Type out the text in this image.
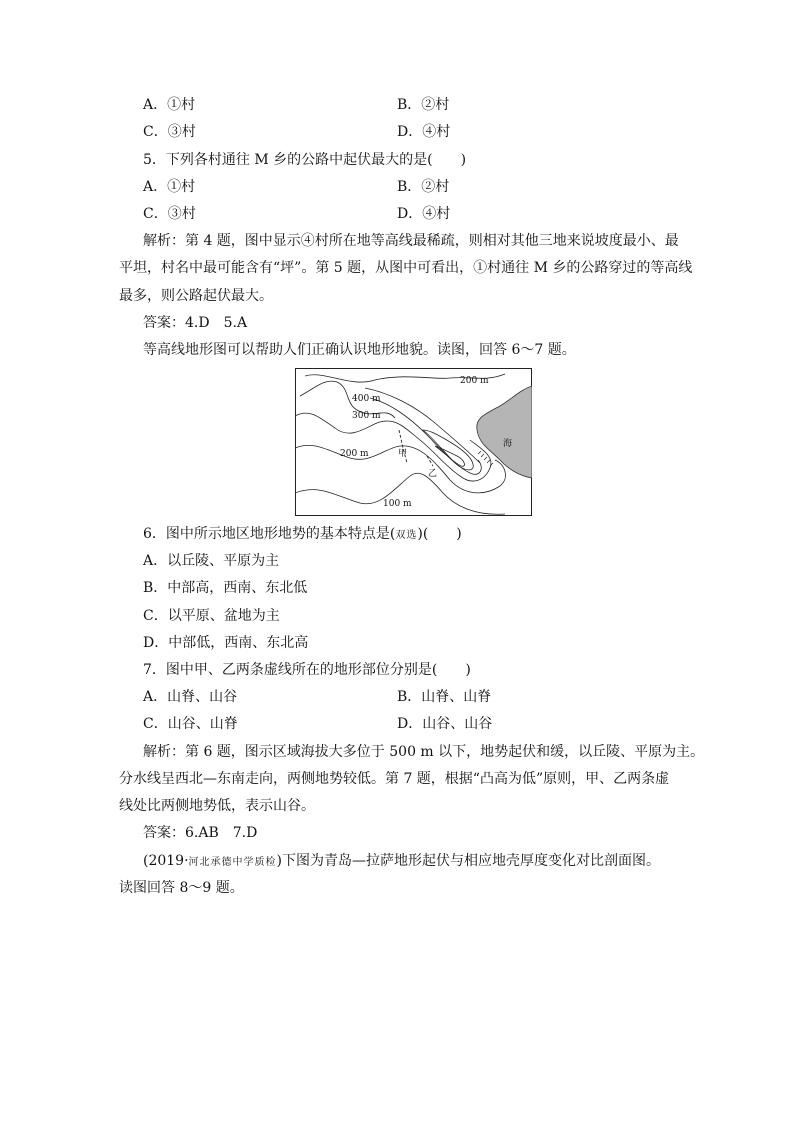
A．①村	B．②村
C．③村	D．④村
5．下列各村通往 M 乡的公路中起伏最大的是(　　)
A．①村	B．②村
C．③村	D．④村
解析：第 4 题，图中显示④村所在地等高线最稀疏，则相对其他三地来说坡度最小、最
平坦，村名中最可能含有“坪”。第 5 题，从图中可看出，①村通往 M 乡的公路穿过的等高线
最多，则公路起伏最大。
答案：4.D　5.A
等高线地形图可以帮助人们正确认识地形地貌。读图，回答 6～7 题。
400 m
300 m
200 m
200 m
100 m
甲
乙
海
6．图中所示地区地形地势的基本特点是(双选)(　　)
A．以丘陵、平原为主
B．中部高，西南、东北低
C．以平原、盆地为主
D．中部低，西南、东北高
7．图中甲、乙两条虚线所在的地形部位分别是(　　)
A．山脊、山谷	B．山脊、山脊
C．山谷、山脊	D．山谷、山谷
解析：第 6 题，图示区域海拔大多位于 500 m 以下，地势起伏和缓，以丘陵、平原为主。
分水线呈西北—东南走向，两侧地势较低。第 7 题，根据“凸高为低”原则，甲、乙两条虚
线处比两侧地势低，表示山谷。
答案：6.AB　7.D
(2019·河北承德中学质检)下图为青岛—拉萨地形起伏与相应地壳厚度变化对比剖面图。
读图回答 8～9 题。
